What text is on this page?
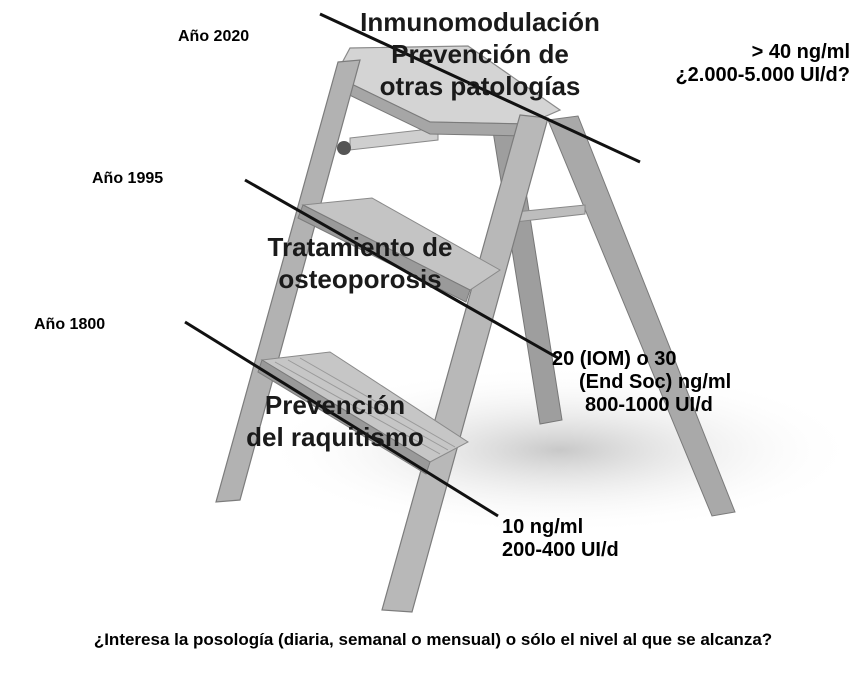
Año 2020
Año 1995
Año 1800
Inmunomodulación
Prevención de
otras patologías
Tratamiento de
osteoporosis
Prevención
del raquitismo
> 40 ng/ml
¿2.000-5.000 UI/d?
20 (IOM) o 30
(End Soc) ng/ml
800-1000 UI/d
10 ng/ml
200-400 UI/d
¿Interesa la posología (diaria, semanal o mensual) o sólo el nivel al que se alcanza?
